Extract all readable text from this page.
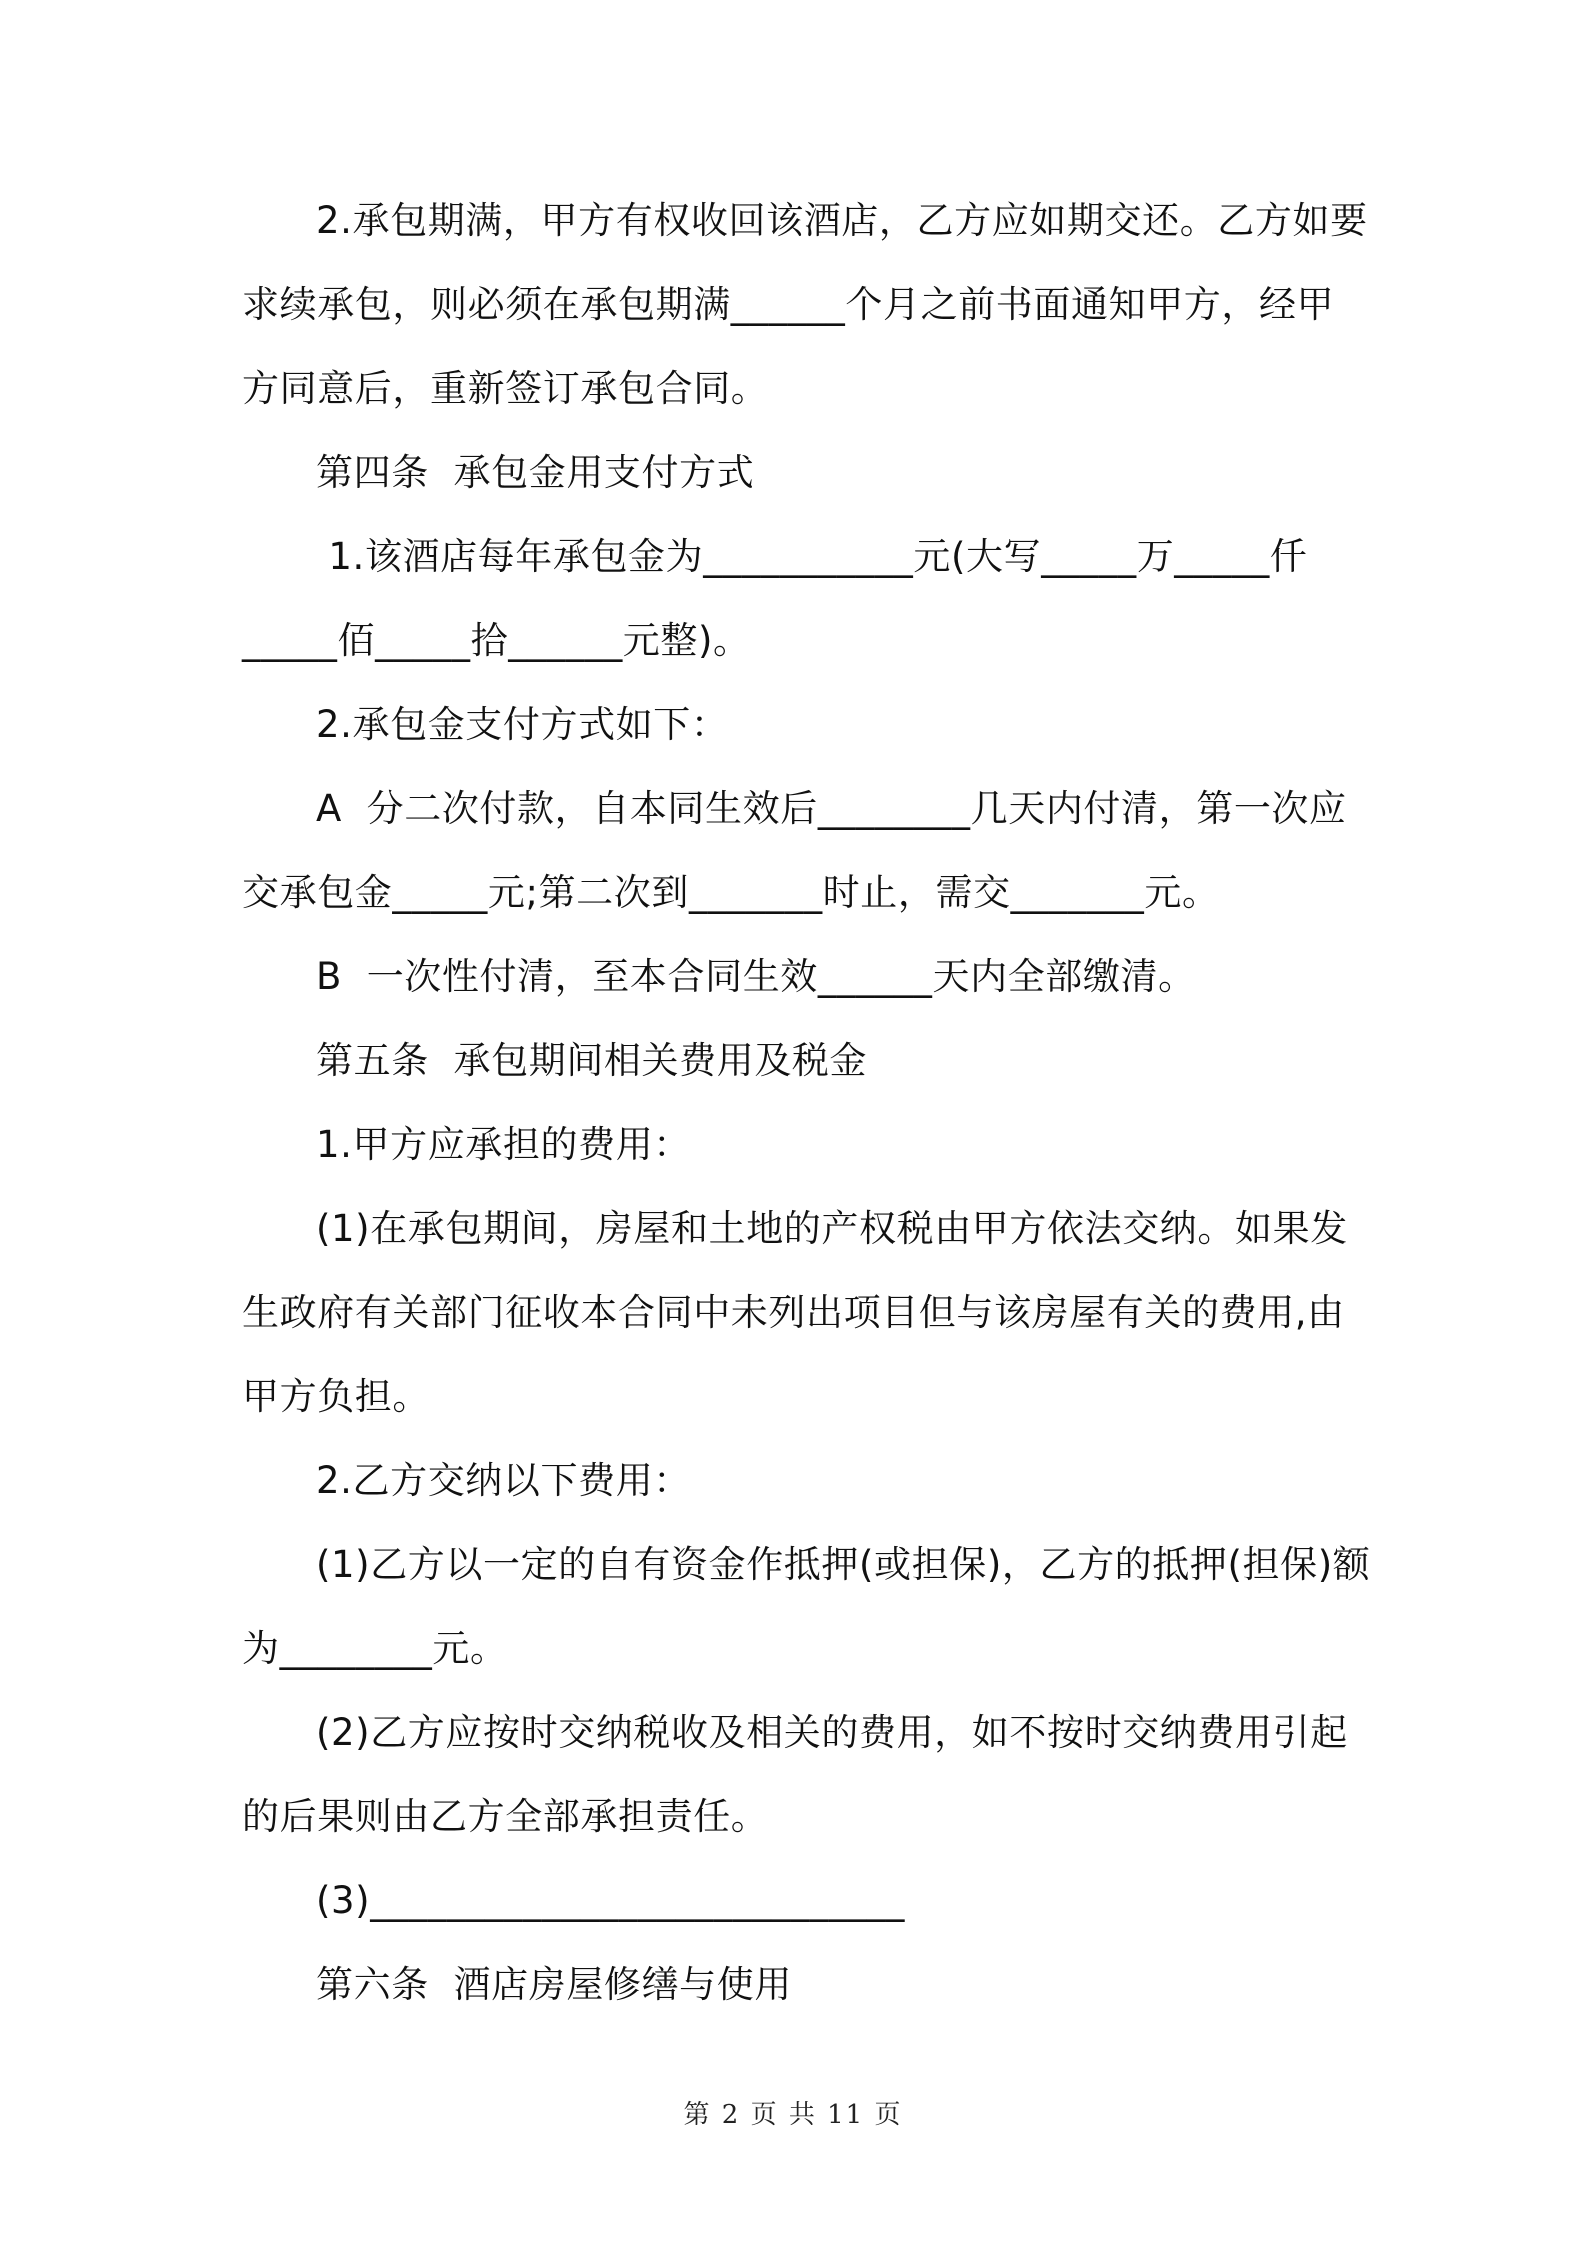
2.承包期满，甲方有权收回该酒店，乙方应如期交还。乙方如要
求续承包，则必须在承包期满______个月之前书面通知甲方，经甲
方同意后，重新签订承包合同。
第四条  承包金用支付方式
1.该酒店每年承包金为___________元(大写_____万_____仟
_____佰_____拾______元整)。
2.承包金支付方式如下：
A  分二次付款，自本同生效后________几天内付清，第一次应
交承包金_____元;第二次到_______时止，需交_______元。
B  一次性付清，至本合同生效______天内全部缴清。
第五条  承包期间相关费用及税金
1.甲方应承担的费用：
(1)在承包期间，房屋和土地的产权税由甲方依法交纳。如果发
生政府有关部门征收本合同中未列出项目但与该房屋有关的费用,由
甲方负担。
2.乙方交纳以下费用：
(1)乙方以一定的自有资金作抵押(或担保)，乙方的抵押(担保)额
为________元。
(2)乙方应按时交纳税收及相关的费用，如不按时交纳费用引起
的后果则由乙方全部承担责任。
(3)____________________________
第六条  酒店房屋修缮与使用
第 2 页 共 11 页
